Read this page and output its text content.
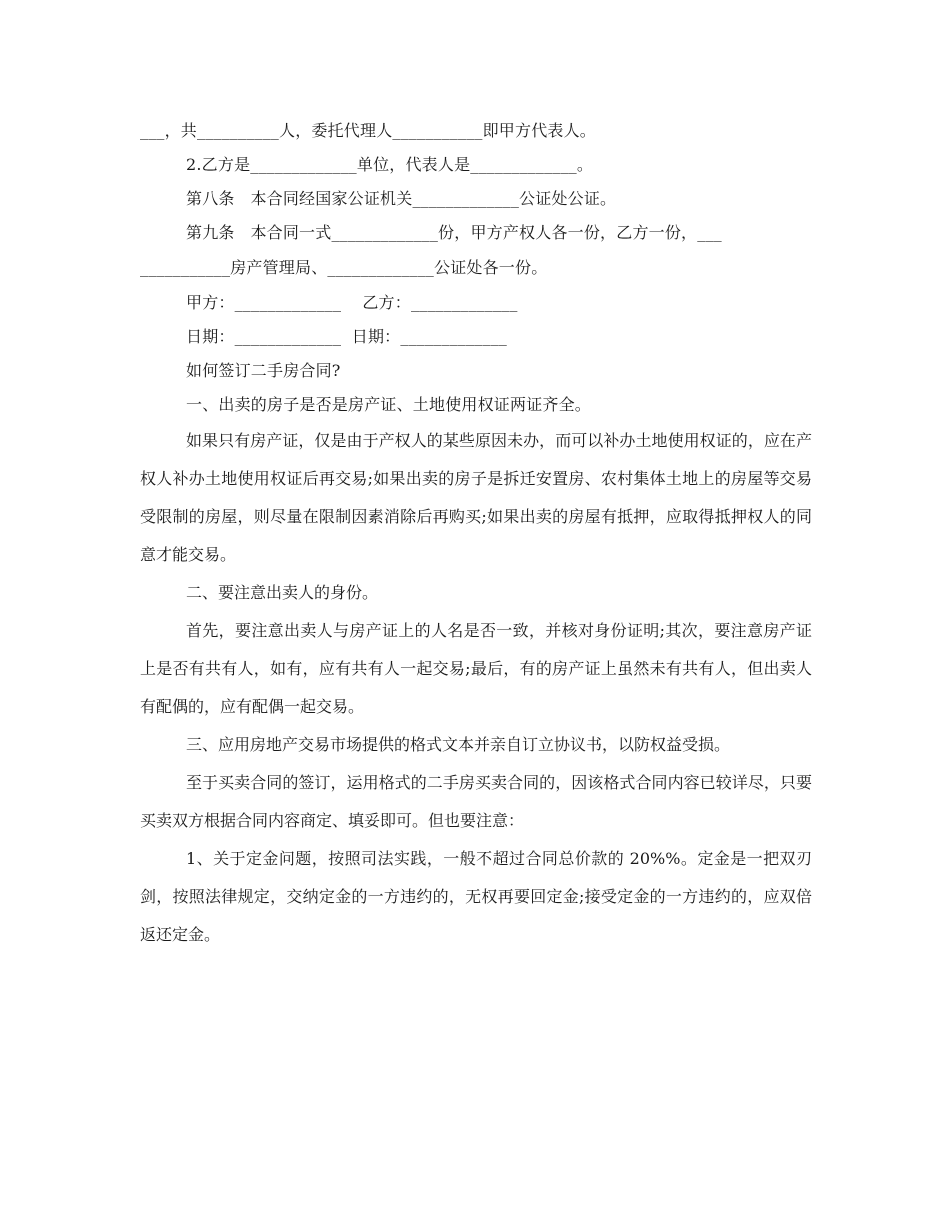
___，共__________人，委托代理人___________即甲方代表人。
2.乙方是_____________单位，代表人是_____________。
第八条   本合同经国家公证机关_____________公证处公证。
第九条   本合同一式_____________份，甲方产权人各一份，乙方一份，___
___________房产管理局、_____________公证处各一份。
甲方：_____________    乙方：_____________
日期：_____________  日期：_____________
如何签订二手房合同?
一、出卖的房子是否是房产证、土地使用权证两证齐全。

如果只有房产证，仅是由于产权人的某些原因未办，而可以补办土地使用权证的，应在产权人补办土地使用权证后再交易;如果出卖的房子是拆迁安置房、农村集体土地上的房屋等交易受限制的房屋，则尽量在限制因素消除后再购买;如果出卖的房屋有抵押，应取得抵押权人的同意才能交易。

二、要注意出卖人的身份。

首先，要注意出卖人与房产证上的人名是否一致，并核对身份证明;其次，要注意房产证上是否有共有人，如有，应有共有人一起交易;最后，有的房产证上虽然未有共有人，但出卖人有配偶的，应有配偶一起交易。

三、应用房地产交易市场提供的格式文本并亲自订立协议书，以防权益受损。

至于买卖合同的签订，运用格式的二手房买卖合同的，因该格式合同内容已较详尽，只要买卖双方根据合同内容商定、填妥即可。但也要注意：

1、关于定金问题，按照司法实践，一般不超过合同总价款的 20%%。定金是一把双刃剑，按照法律规定，交纳定金的一方违约的，无权再要回定金;接受定金的一方违约的，应双倍返还定金。
